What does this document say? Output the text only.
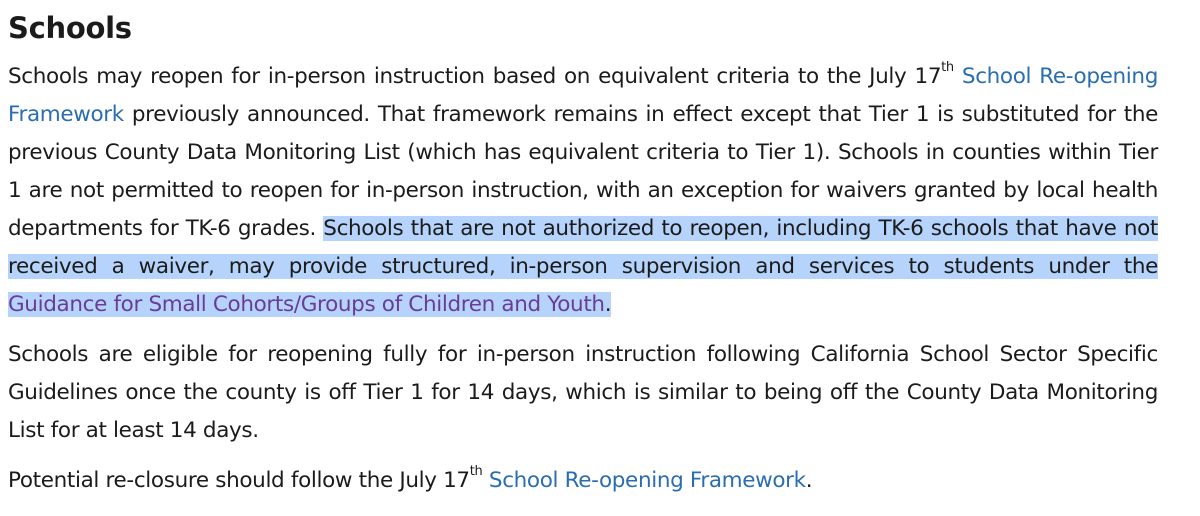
Schools

Schools may reopen for in-person instruction based on equivalent criteria to the July 17th School Re-opening Framework previously announced. That framework remains in effect except that Tier 1 is substituted for the previous County Data Monitoring List (which has equivalent criteria to Tier 1). Schools in counties within Tier 1 are not permitted to reopen for in-person instruction, with an exception for waivers granted by local health departments for TK-6 grades. Schools that are not authorized to reopen, including TK-6 schools that have not received a waiver, may provide structured, in-person supervision and services to students under the Guidance for Small Cohorts/Groups of Children and Youth.

Schools are eligible for reopening fully for in-person instruction following California School Sector Specific Guidelines once the county is off Tier 1 for 14 days, which is similar to being off the County Data Monitoring List for at least 14 days.

Potential re-closure should follow the July 17th School Re-opening Framework.
